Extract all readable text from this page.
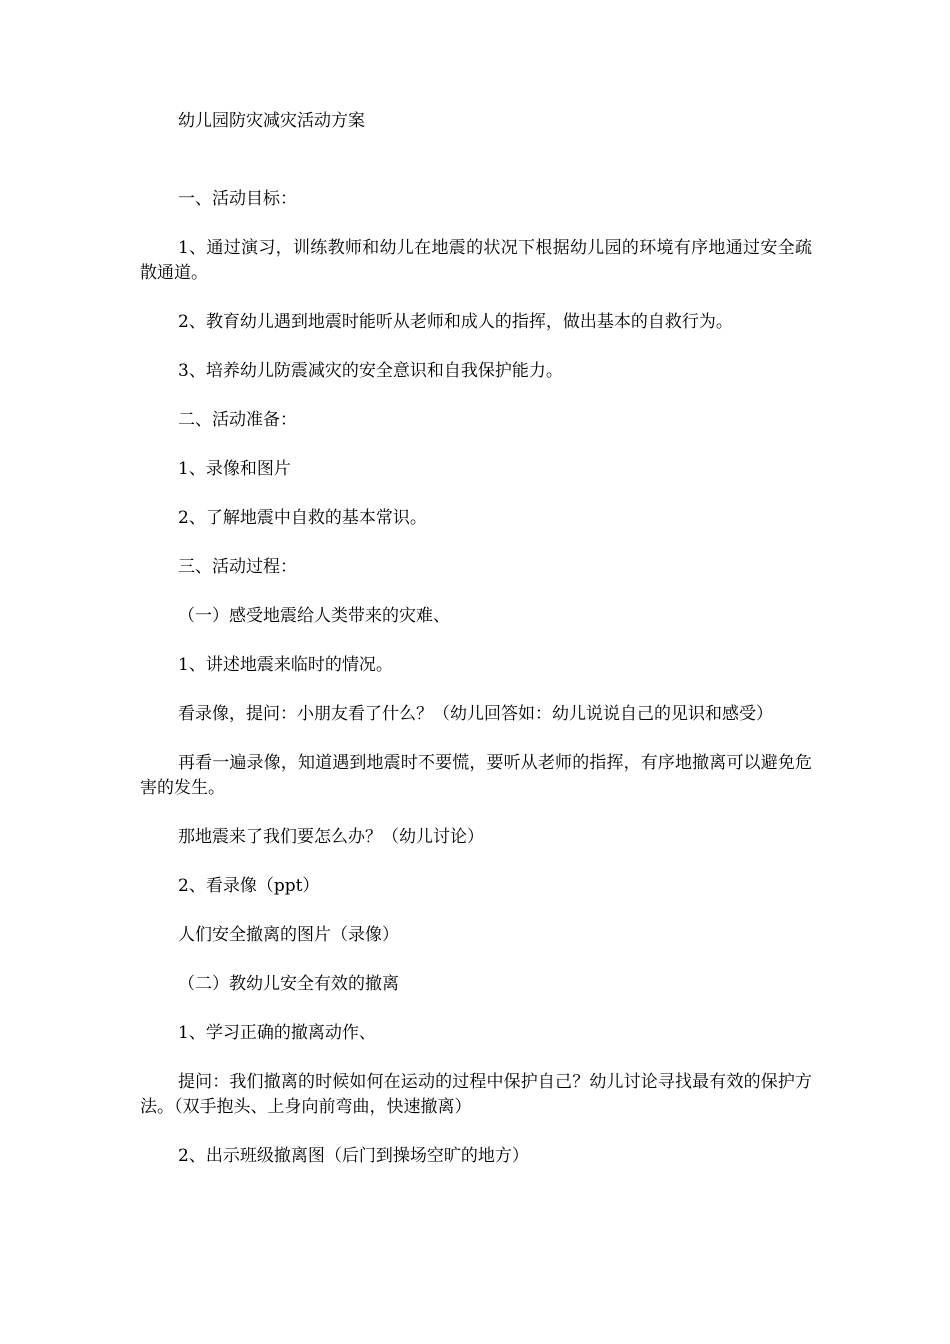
幼儿园防灾减灾活动方案

一、活动目标：

1、通过演习，训练教师和幼儿在地震的状况下根据幼儿园的环境有序地通过安全疏散通道。

2、教育幼儿遇到地震时能听从老师和成人的指挥，做出基本的自救行为。

3、培养幼儿防震减灾的安全意识和自我保护能力。

二、活动准备：

1、录像和图片

2、了解地震中自救的基本常识。

三、活动过程：

（一）感受地震给人类带来的灾难、

1、讲述地震来临时的情况。

看录像，提问：小朋友看了什么？（幼儿回答如：幼儿说说自己的见识和感受）

再看一遍录像，知道遇到地震时不要慌，要听从老师的指挥，有序地撤离可以避免危害的发生。

那地震来了我们要怎么办？（幼儿讨论）

2、看录像（ppt）

人们安全撤离的图片（录像）

（二）教幼儿安全有效的撤离

1、学习正确的撤离动作、

提问：我们撤离的时候如何在运动的过程中保护自己？幼儿讨论寻找最有效的保护方法。（双手抱头、上身向前弯曲，快速撤离）

2、出示班级撤离图（后门到操场空旷的地方）
